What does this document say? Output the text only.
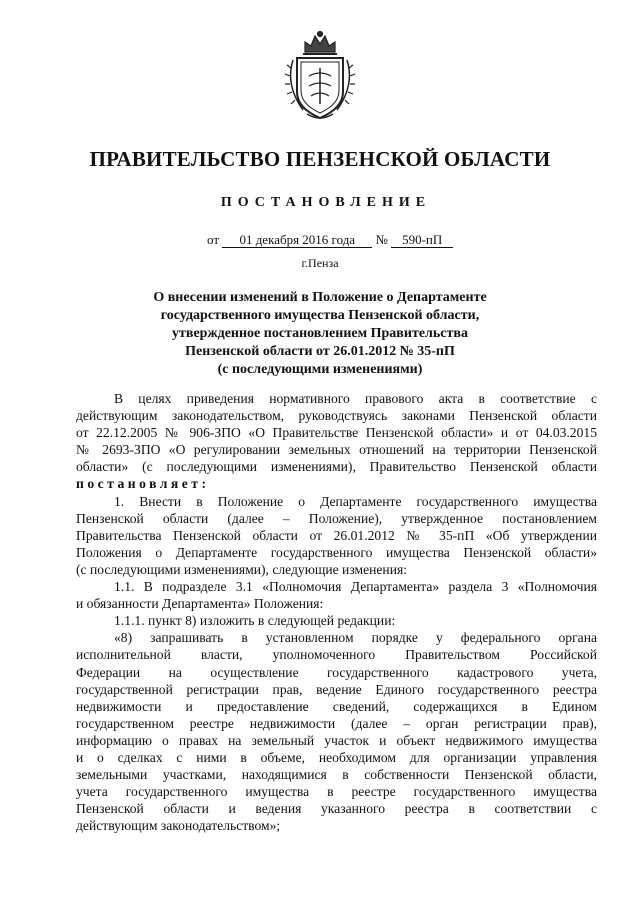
ПРАВИТЕЛЬСТВО ПЕНЗЕНСКОЙ ОБЛАСТИ
ПОСТАНОВЛЕНИЕ
от 01 декабря 2016 года № 590-пП
г.Пенза
О внесении изменений в Положение о Департаменте
государственного имущества Пензенской области,
утвержденное постановлением Правительства
Пензенской области от 26.01.2012 № 35-пП
(с последующими изменениями)
В целях приведения нормативного правового акта в соответствие с
действующим законодательством, руководствуясь законами Пензенской области
от 22.12.2005 № 906-ЗПО «О Правительстве Пензенской области» и от 04.03.2015
№ 2693-ЗПО «О регулировании земельных отношений на территории Пензенской
области» (с последующими изменениями), Правительство Пензенской области
постановляет:
1. Внести в Положение о Департаменте государственного имущества
Пензенской области (далее – Положение), утвержденное постановлением
Правительства Пензенской области от 26.01.2012 № 35-пП «Об утверждении
Положения о Департаменте государственного имущества Пензенской области»
(с последующими изменениями), следующие изменения:
1.1. В подразделе 3.1 «Полномочия Департамента» раздела 3 «Полномочия
и обязанности Департамента» Положения:
1.1.1. пункт 8) изложить в следующей редакции:
«8) запрашивать в установленном порядке у федерального органа
исполнительной власти, уполномоченного Правительством Российской
Федерации на осуществление государственного кадастрового учета,
государственной регистрации прав, ведение Единого государственного реестра
недвижимости и предоставление сведений, содержащихся в Едином
государственном реестре недвижимости (далее – орган регистрации прав),
информацию о правах на земельный участок и объект недвижимого имущества
и о сделках с ними в объеме, необходимом для организации управления
земельными участками, находящимися в собственности Пензенской области,
учета государственного имущества в реестре государственного имущества
Пензенской области и ведения указанного реестра в соответствии с
действующим законодательством»;
